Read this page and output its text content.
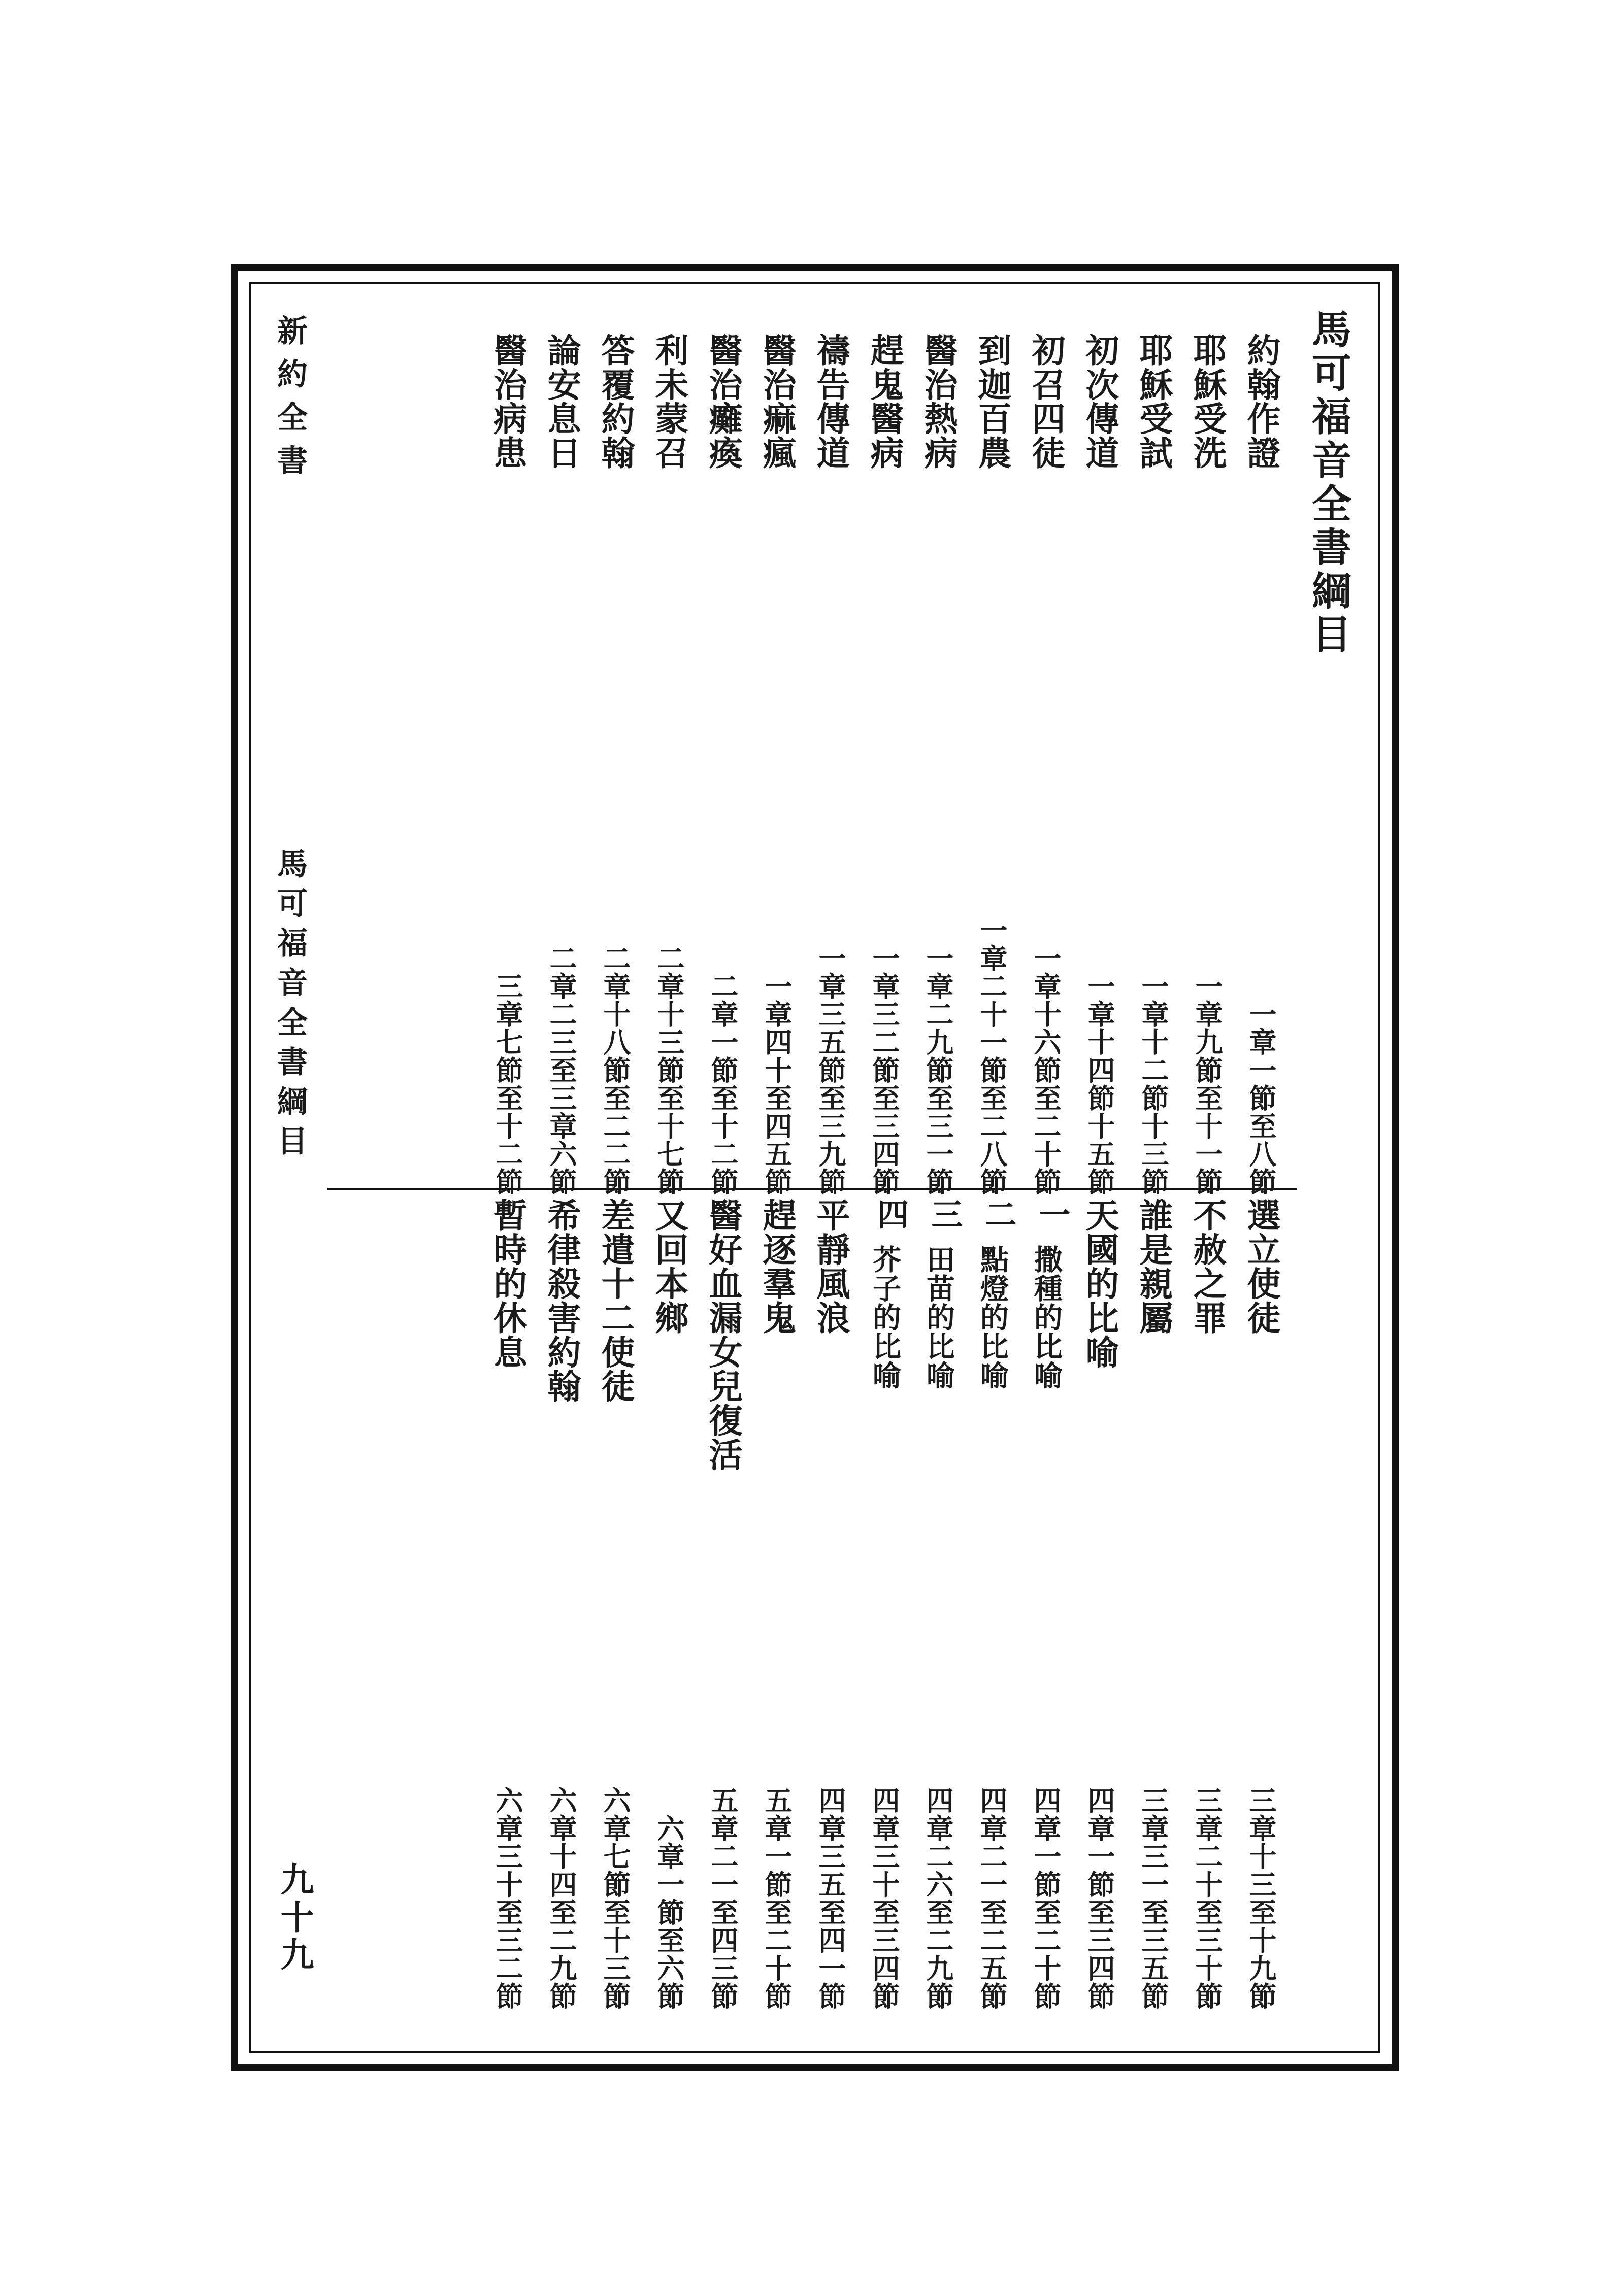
馬可福音全書綱目
新約全書
馬可福音全書綱目
九十九
約翰作證
一章一節至八節
耶穌受洗
一章九節至十一節
耶穌受試
一章十二節十三節
初次傳道
一章十四節十五節
初召四徒
一章十六節至二十節
到迦百農
一章二十一節至二八節
醫治熱病
一章二九節至三一節
趕鬼醫病
一章三二節至三四節
禱告傳道
一章三五節至三九節
醫治痲瘋
一章四十至四五節
醫治癱瘓
二章一節至十二節
利未蒙召
二章十三節至十七節
答覆約翰
二章十八節至二二節
論安息日
二章二三至三章六節
醫治病患
三章七節至十二節
選立使徒
三章十三至十九節
不赦之罪
三章二十至三十節
誰是親屬
三章三一至三五節
天國的比喻
四章一節至三四節
一
撒種的比喻
四章一節至二十節
二
點燈的比喻
四章二一至二五節
三
田苗的比喻
四章二六至二九節
四
芥子的比喻
四章三十至三四節
平靜風浪
四章三五至四一節
趕逐羣鬼
五章一節至二十節
醫好血漏女兒復活
五章二一至四三節
又回本鄉
六章一節至六節
差遣十二使徒
六章七節至十三節
希律殺害約翰
六章十四至二九節
暫時的休息
六章三十至三二節
